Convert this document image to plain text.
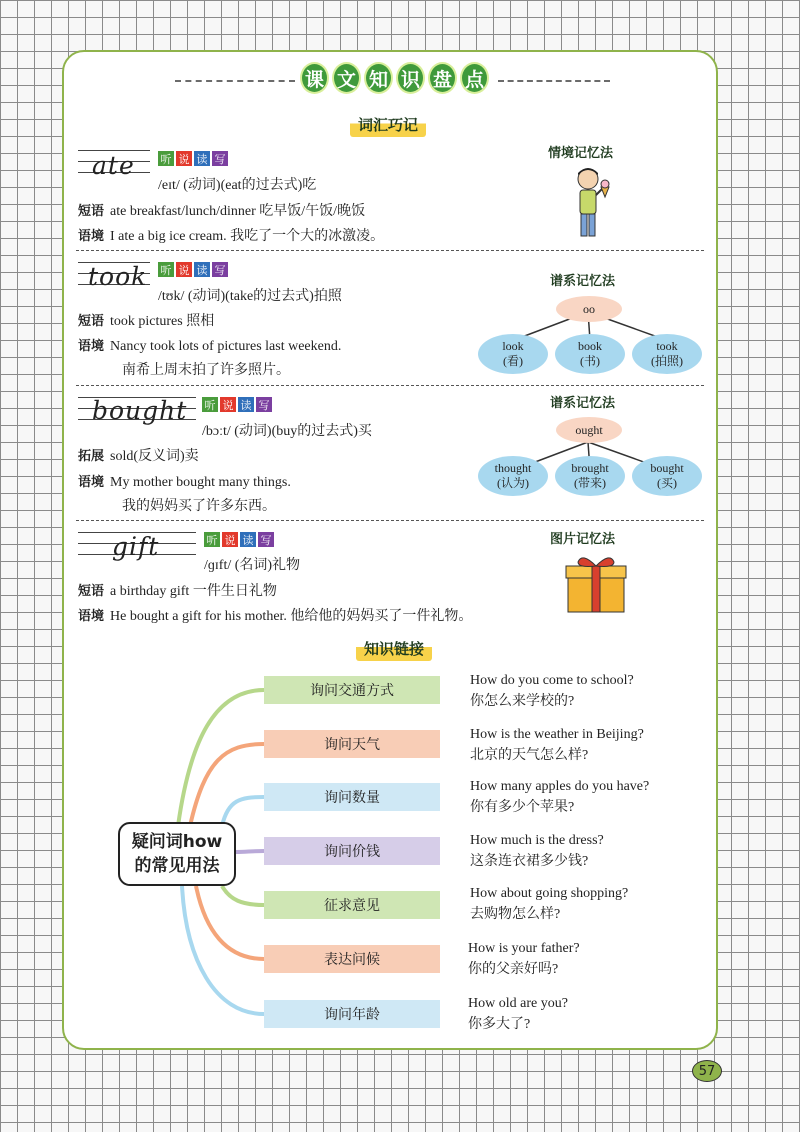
课 文 知 识 盘 点
词汇巧记
ate 听 说 读 写
/eɪt/ (动词)(eat的过去式)吃
短语 ate breakfast/lunch/dinner 吃早饭/午饭/晚饭
语境 I ate a big ice cream. 我吃了一个大的冰激凌。
情境记忆法
took 听 说 读 写
/tʊk/ (动词)(take的过去式)拍照
短语 took pictures 照相
语境 Nancy took lots of pictures last weekend.
南希上周末拍了许多照片。
谱系记忆法
oo
look
(看)
book
(书)
took
(拍照)
bought 听 说 读 写
/bɔːt/ (动词)(buy的过去式)买
拓展 sold(反义词)卖
语境 My mother bought many things.
我的妈妈买了许多东西。
谱系记忆法
ought
thought
(认为)
brought
(带来)
bought
(买)
gift	听 说 读 写
/ɡɪft/ (名词)礼物
短语 a birthday gift 一件生日礼物
语境 He bought a gift for his mother. 他给他的妈妈买了一件礼物。
图片记忆法
知识链接
疑问词how
的常见用法
询问交通方式
询问天气
询问数量
询问价钱
征求意见
表达问候
询问年龄
How do you come to school?
你怎么来学校的?
How is the weather in Beijing?
北京的天气怎么样?
How many apples do you have?
你有多少个苹果?
How much is the dress?
这条连衣裙多少钱?
How about going shopping?
去购物怎么样?
How is your father?
你的父亲好吗?
How old are you?
你多大了?
57
